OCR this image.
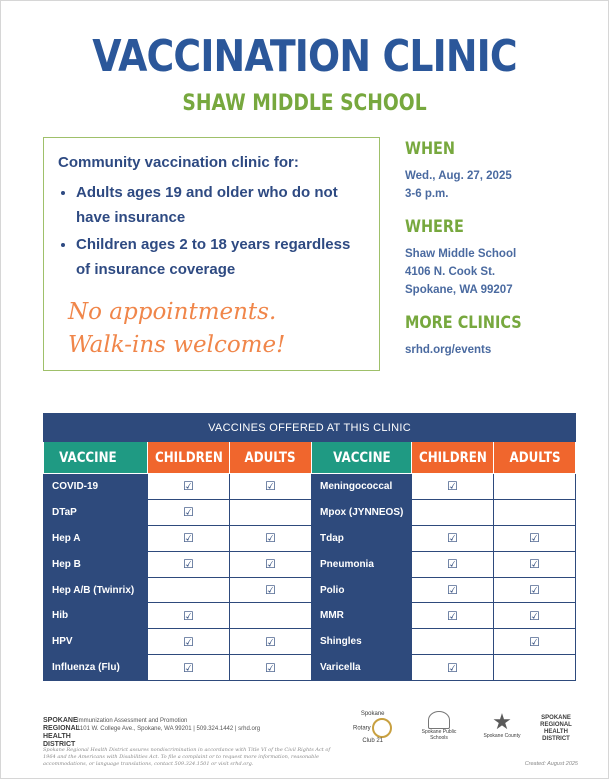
VACCINATION CLINIC
SHAW MIDDLE SCHOOL
Community vaccination clinic for:
• Adults ages 19 and older who do not have insurance
• Children ages 2 to 18 years regardless of insurance coverage
No appointments.
Walk-ins welcome!
WHEN
Wed., Aug. 27, 2025
3-6 p.m.
WHERE
Shaw Middle School
4106 N. Cook St.
Spokane, WA 99207
MORE CLINICS
srhd.org/events
VACCINES OFFERED AT THIS CLINIC					
VACCINE	CHILDREN	ADULTS	VACCINE	CHILDREN	ADULTS
COVID-19	☑	☑	Meningococcal	☑	
DTaP	☑		Mpox (JYNNEOS)		
Hep A	☑	☑	Tdap	☑	☑
Hep B	☑	☑	Pneumonia	☑	☑
Hep A/B (Twinrix)		☑	Polio	☑	☑
Hib	☑		MMR	☑	☑
HPV	☑	☑	Shingles		☑
Influenza (Flu)	☑	☑	Varicella	☑	
SPOKANE REGIONAL HEALTH DISTRICT
Immunization Assessment and Promotion
1101 W. College Ave., Spokane, WA 99201 | 509.324.1442 | srhd.org
Spokane Regional Health District assures nondiscrimination in accordance with Title VI of the Civil Rights Act of 1964 and the Americans with Disabilities Act. To file a complaint or to request more information, reasonable accommodations, or language translations, contact 509.324.1501 or visit srhd.org.
Spokane
Rotary
Club 21
Spokane Public Schools
★
Spokane County
SPOKANE REGIONAL HEALTH DISTRICT
Created: August 2025
